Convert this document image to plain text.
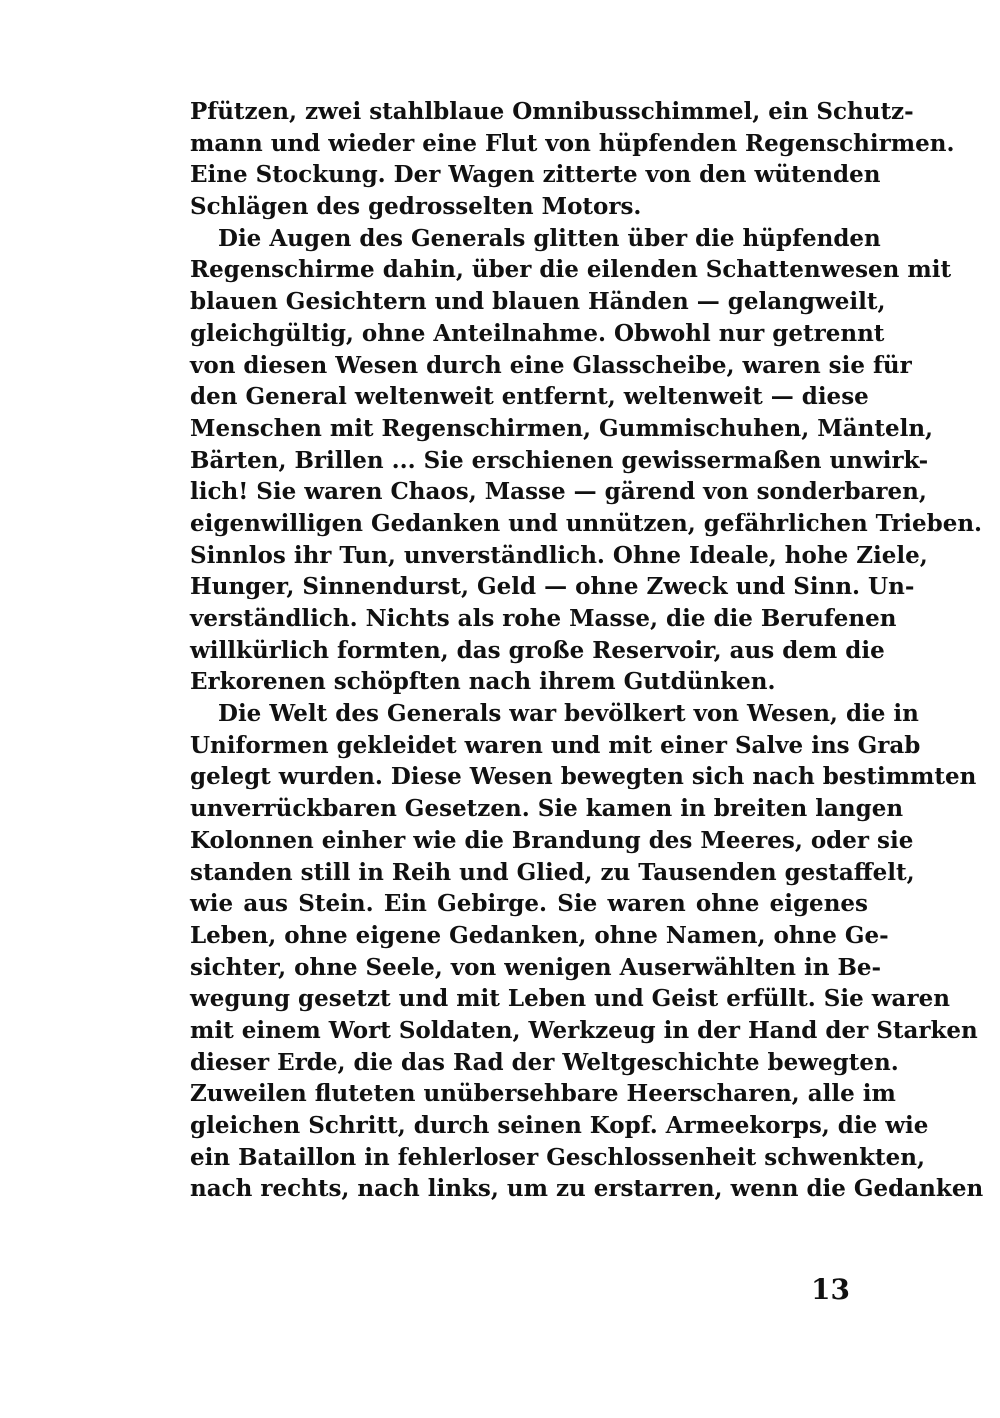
Pfützen, zwei stahlblaue Omnibusschimmel, ein Schutz-
mann und wieder eine Flut von hüpfenden Regenschirmen.
Eine Stockung. Der Wagen zitterte von den wütenden
Schlägen des gedrosselten Motors.
Die Augen des Generals glitten über die hüpfenden
Regenschirme dahin, über die eilenden Schattenwesen mit
blauen Gesichtern und blauen Händen — gelangweilt,
gleichgültig, ohne Anteilnahme. Obwohl nur getrennt
von diesen Wesen durch eine Glasscheibe, waren sie für
den General weltenweit entfernt, weltenweit — diese
Menschen mit Regenschirmen, Gummischuhen, Mänteln,
Bärten, Brillen ... Sie erschienen gewissermaßen unwirk-
lich! Sie waren Chaos, Masse — gärend von sonderbaren,
eigenwilligen Gedanken und unnützen, gefährlichen Trieben.
Sinnlos ihr Tun, unverständlich. Ohne Ideale, hohe Ziele,
Hunger, Sinnendurst, Geld — ohne Zweck und Sinn. Un-
verständlich. Nichts als rohe Masse, die die Berufenen
willkürlich formten, das große Reservoir, aus dem die
Erkorenen schöpften nach ihrem Gutdünken.
Die Welt des Generals war bevölkert von Wesen, die in
Uniformen gekleidet waren und mit einer Salve ins Grab
gelegt wurden. Diese Wesen bewegten sich nach bestimmten
unverrückbaren Gesetzen. Sie kamen in breiten langen
Kolonnen einher wie die Brandung des Meeres, oder sie
standen still in Reih und Glied, zu Tausenden gestaffelt,
wie aus Stein. Ein Gebirge. Sie waren ohne eigenes
Leben, ohne eigene Gedanken, ohne Namen, ohne Ge-
sichter, ohne Seele, von wenigen Auserwählten in Be-
wegung gesetzt und mit Leben und Geist erfüllt. Sie waren
mit einem Wort Soldaten, Werkzeug in der Hand der Starken
dieser Erde, die das Rad der Weltgeschichte bewegten.
Zuweilen fluteten unübersehbare Heerscharen, alle im
gleichen Schritt, durch seinen Kopf. Armeekorps, die wie
ein Bataillon in fehlerloser Geschlossenheit schwenkten,
nach rechts, nach links, um zu erstarren, wenn die Gedanken
13
